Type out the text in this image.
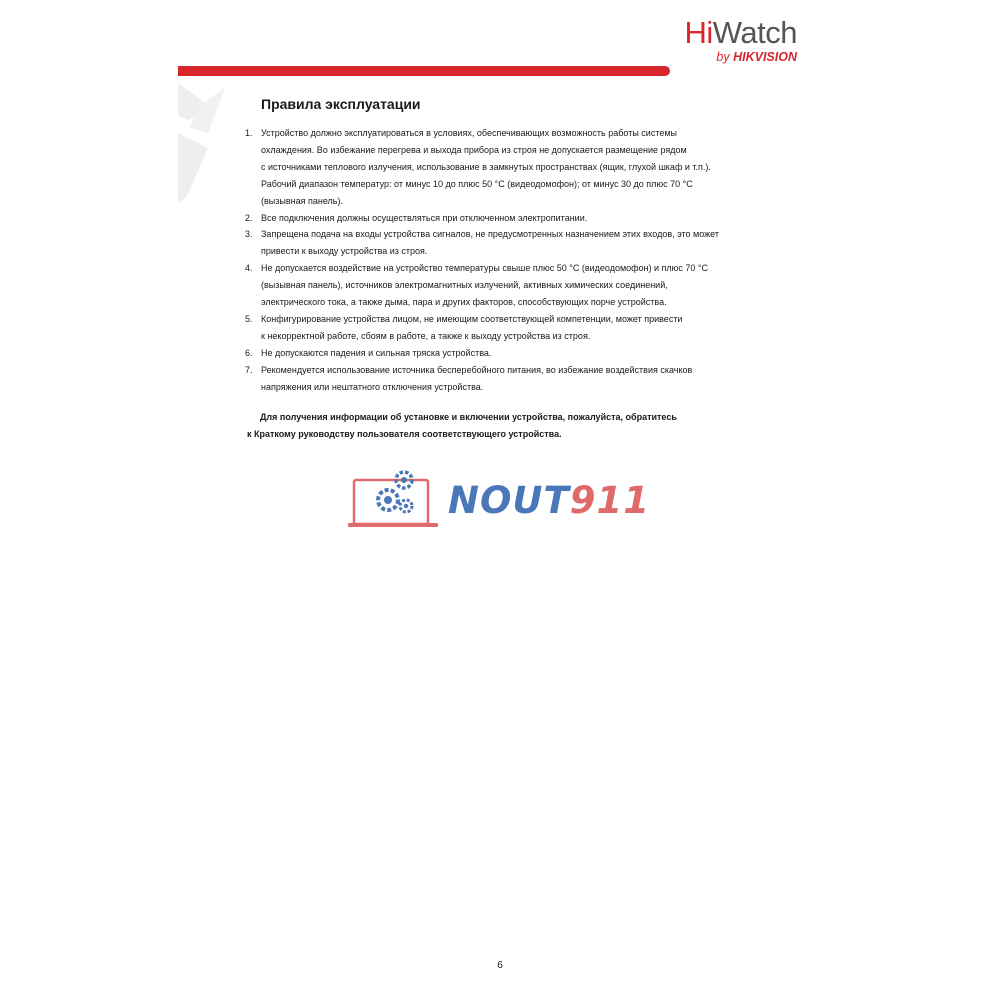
HiWatch
by HIKVISION
Правила эксплуатации
1. Устройство должно эксплуатироваться в условиях, обеспечивающих возможность работы системы
охлаждения. Во избежание перегрева и выхода прибора из строя не допускается размещение рядом
с источниками теплового излучения, использование в замкнутых пространствах (ящик, глухой шкаф и т.п.).
Рабочий диапазон температур: от минус 10 до плюс 50 °С (видеодомофон); от минус 30 до плюс 70 °С
(вызывная панель).
2. Все подключения должны осуществляться при отключенном электропитании.
3. Запрещена подача на входы устройства сигналов, не предусмотренных назначением этих входов, это может
привести к выходу устройства из строя.
4. Не допускается воздействие на устройство температуры свыше плюс 50 °С (видеодомофон) и плюс 70 °С
(вызывная панель), источников электромагнитных излучений, активных химических соединений,
электрического тока, а также дыма, пара и других факторов, способствующих порче устройства.
5. Конфигурирование устройства лицом, не имеющим соответствующей компетенции, может привести
к некорректной работе, сбоям в работе, а также к выходу устройства из строя.
6. Не допускаются падения и сильная тряска устройства.
7. Рекомендуется использование источника бесперебойного питания, во избежание воздействия скачков
напряжения или нештатного отключения устройства.
Для получения информации об установке и включении устройства, пожалуйста, обратитесь
к Краткому руководству пользователя соответствующего устройства.
NOUT911
6
